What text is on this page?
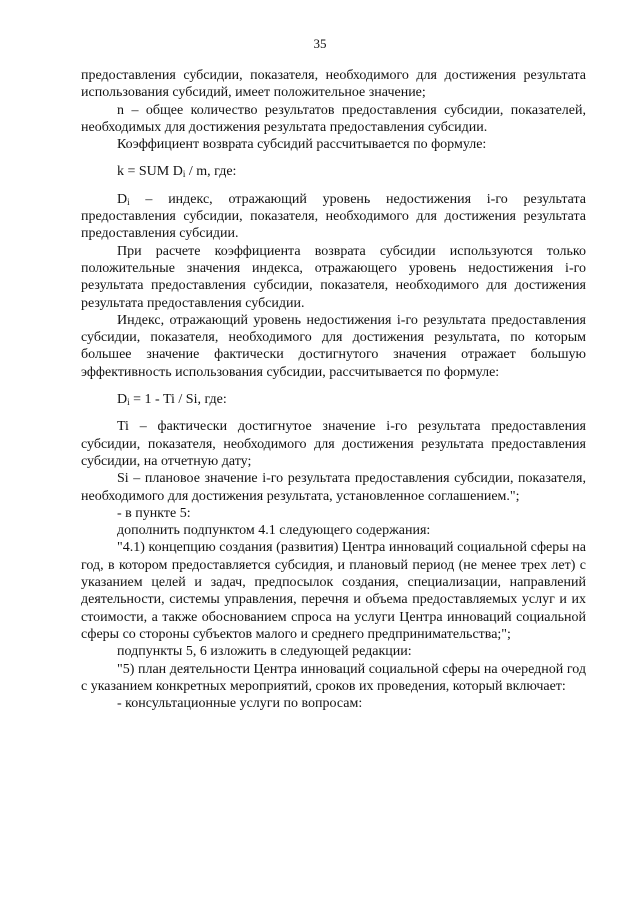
35

предоставления субсидии, показателя, необходимого для достижения результата использования субсидий, имеет положительное значение;

n – общее количество результатов предоставления субсидии, показателей, необходимых для достижения результата предоставления субсидии.

Коэффициент возврата субсидий рассчитывается по формуле:

k = SUM $D_i$ / m, где:

$D_i$ – индекс, отражающий уровень недостижения i-го результата предоставления субсидии, показателя, необходимого для достижения результата предоставления субсидии.

При расчете коэффициента возврата субсидии используются только положительные значения индекса, отражающего уровень недостижения i-го результата предоставления субсидии, показателя, необходимого для достижения результата предоставления субсидии.

Индекс, отражающий уровень недостижения i-го результата предоставления субсидии, показателя, необходимого для достижения результата, по которым большее значение фактически достигнутого значения отражает большую эффективность использования субсидии, рассчитывается по формуле:

$D_i = 1 - Ti / Si$, где:

Ti – фактически достигнутое значение i-го результата предоставления субсидии, показателя, необходимого для достижения результата предоставления субсидии, на отчетную дату;

Si – плановое значение i-го результата предоставления субсидии, показателя, необходимого для достижения результата, установленное соглашением.";

- в пункте 5:

дополнить подпунктом 4.1 следующего содержания:

"4.1) концепцию создания (развития) Центра инноваций социальной сферы на год, в котором предоставляется субсидия, и плановый период (не менее трех лет) с указанием целей и задач, предпосылок создания, специализации, направлений деятельности, системы управления, перечня и объема предоставляемых услуг и их стоимости, а также обоснованием спроса на услуги Центра инноваций социальной сферы со стороны субъектов малого и среднего предпринимательства;";

подпункты 5, 6 изложить в следующей редакции:

"5) план деятельности Центра инноваций социальной сферы на очередной год с указанием конкретных мероприятий, сроков их проведения, который включает:

- консультационные услуги по вопросам:
